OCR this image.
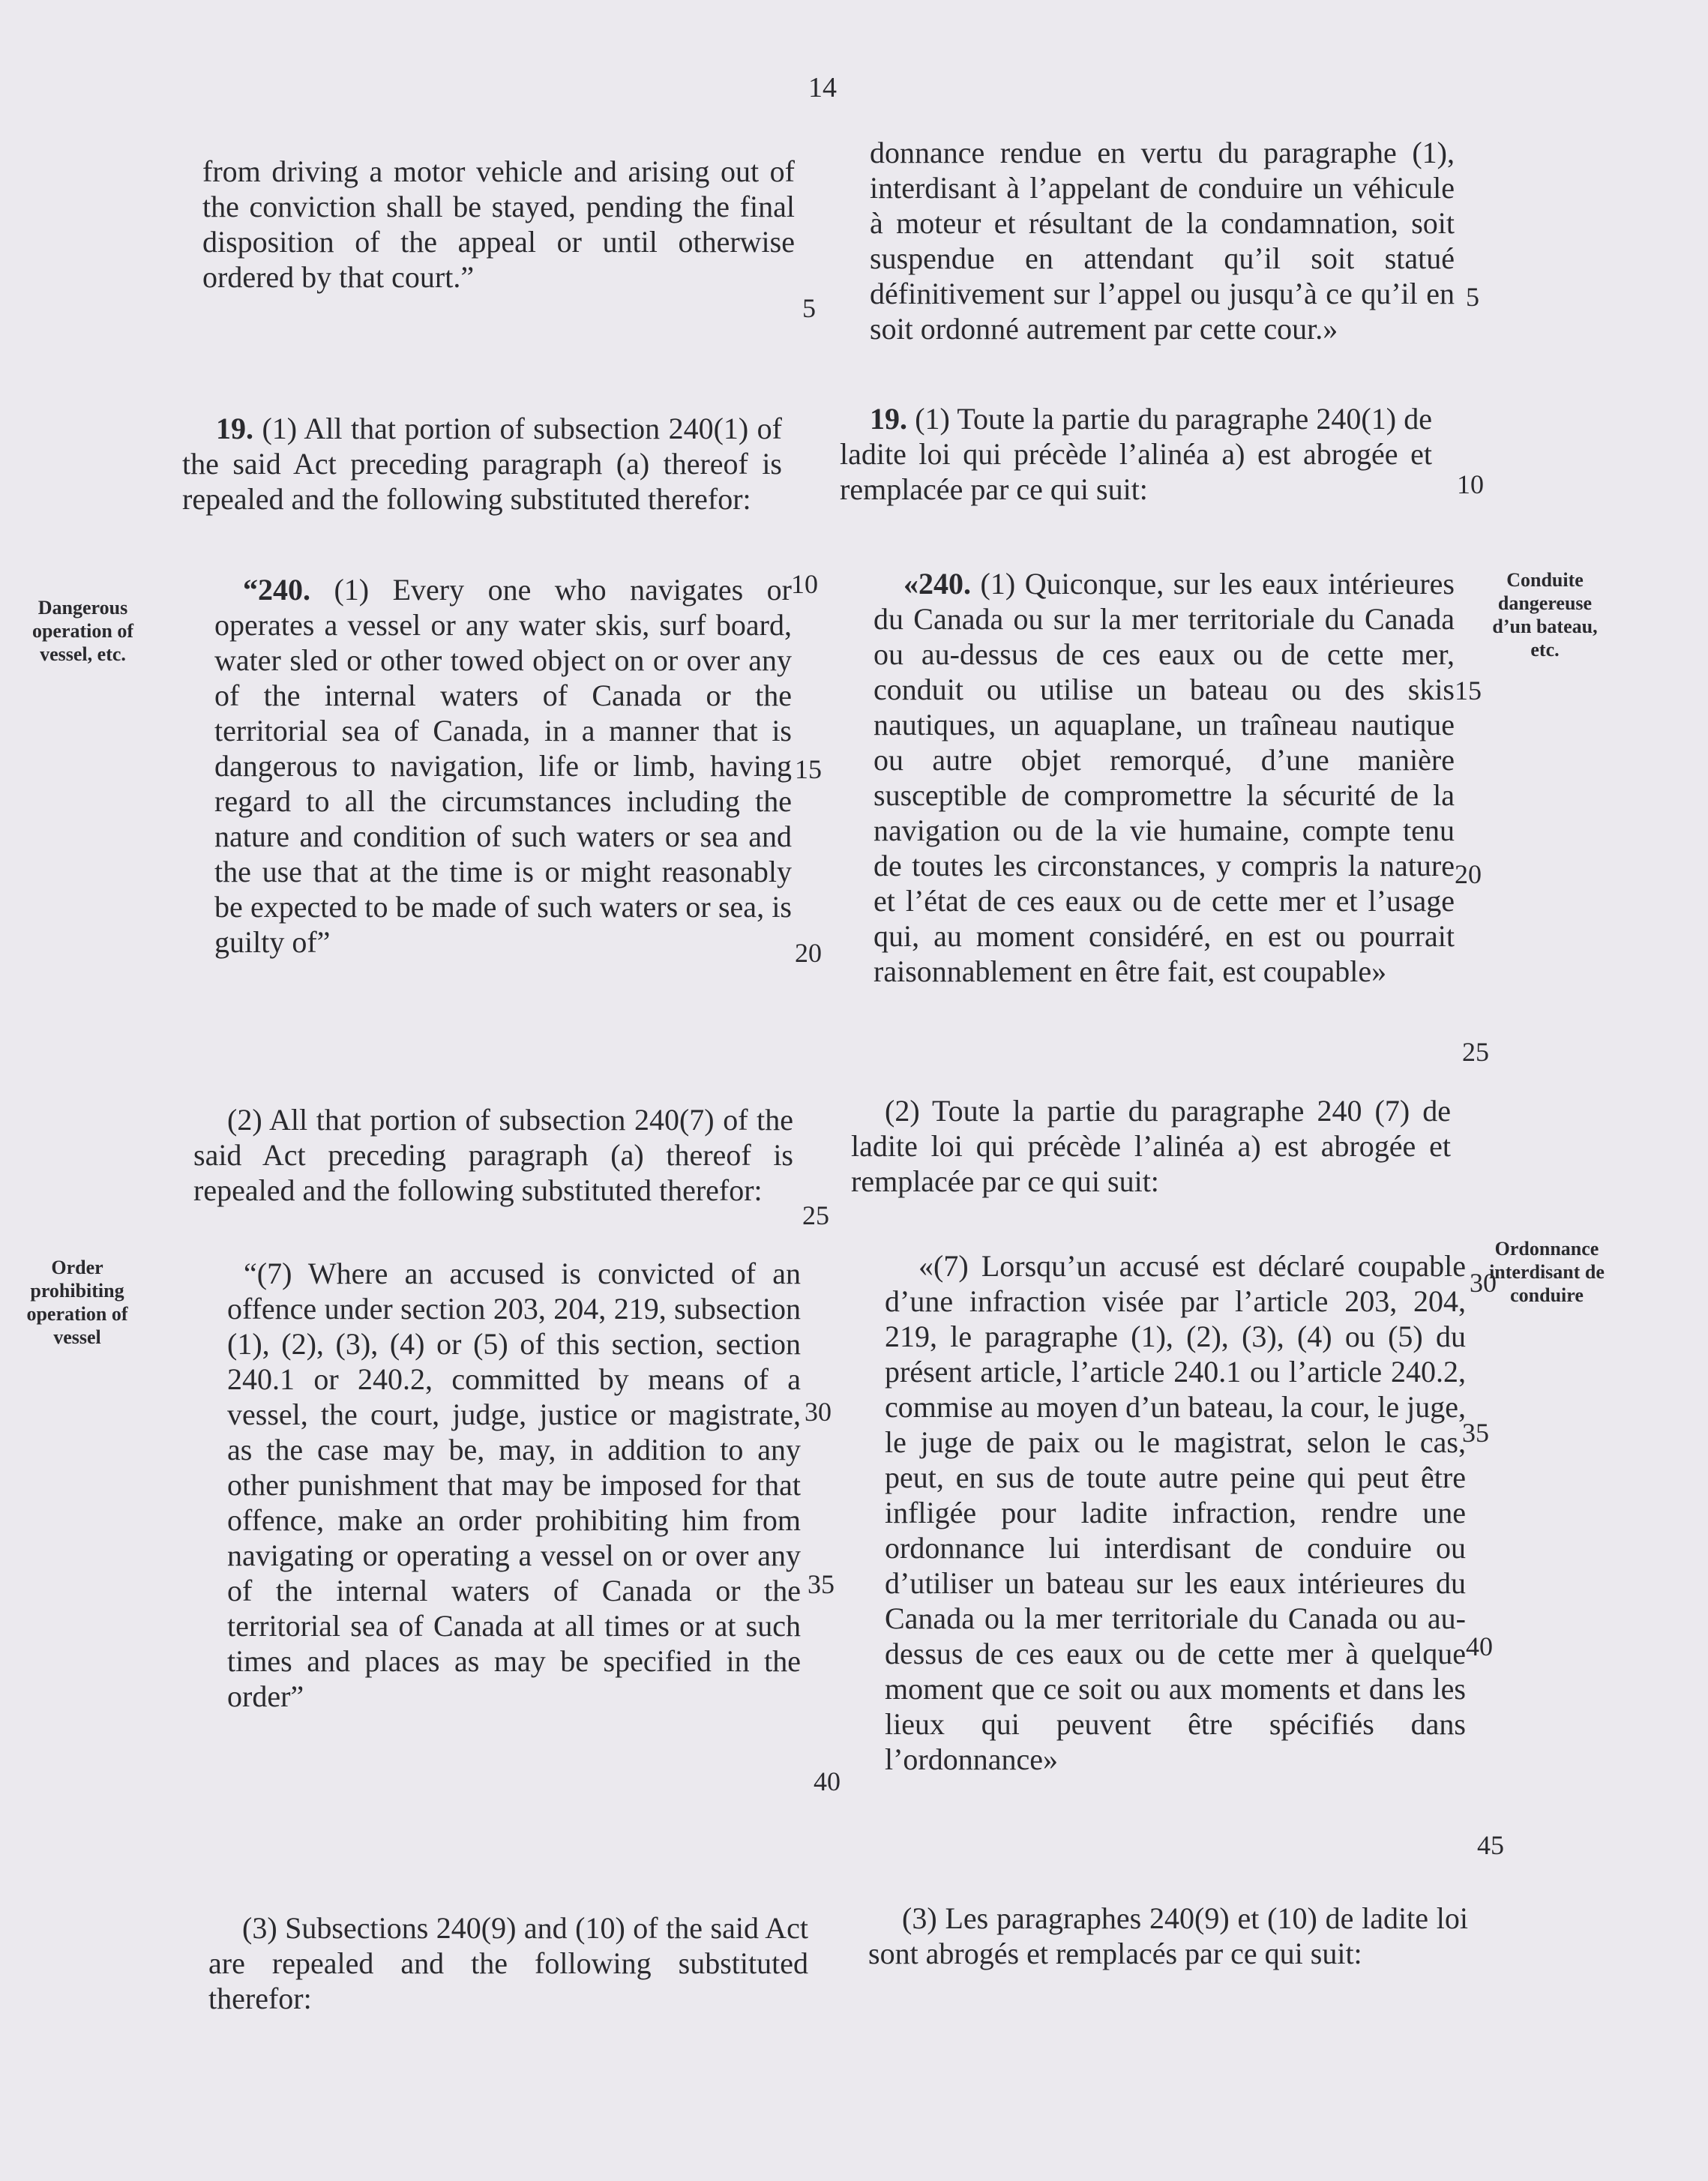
14

from driving a motor vehicle and arising out of the conviction shall be stayed, pending the final disposition of the appeal or until otherwise ordered by that court.”

19. (1) All that portion of subsection 240(1) of the said Act preceding paragraph (a) thereof is repealed and the following substituted therefor:

“240. (1) Every one who navigates or operates a vessel or any water skis, surf board, water sled or other towed object on or over any of the internal waters of Canada or the territorial sea of Canada, in a manner that is dangerous to navigation, life or limb, having regard to all the circumstances including the nature and condition of such waters or sea and the use that at the time is or might reasonably be expected to be made of such waters or sea, is guilty of”

(2) All that portion of subsection 240(7) of the said Act preceding paragraph (a) thereof is repealed and the following substituted therefor:

“(7) Where an accused is convicted of an offence under section 203, 204, 219, subsection (1), (2), (3), (4) or (5) of this section, section 240.1 or 240.2, committed by means of a vessel, the court, judge, justice or magistrate, as the case may be, may, in addition to any other punishment that may be imposed for that offence, make an order prohibiting him from navigating or operating a vessel on or over any of the internal waters of Canada or the territorial sea of Canada at all times or at such times and places as may be specified in the order”

(3) Subsections 240(9) and (10) of the said Act are repealed and the following substituted therefor:

donnance rendue en vertu du paragraphe (1), interdisant à l’appelant de conduire un véhicule à moteur et résultant de la condamnation, soit suspendue en attendant qu’il soit statué définitivement sur l’appel ou jusqu’à ce qu’il en soit ordonné autrement par cette cour.»

19. (1) Toute la partie du paragraphe 240(1) de ladite loi qui précède l’alinéa a) est abrogée et remplacée par ce qui suit:

«240. (1) Quiconque, sur les eaux intérieures du Canada ou sur la mer territoriale du Canada ou au-dessus de ces eaux ou de cette mer, conduit ou utilise un bateau ou des skis nautiques, un aquaplane, un traîneau nautique ou autre objet remorqué, d’une manière susceptible de compromettre la sécurité de la navigation ou de la vie humaine, compte tenu de toutes les circonstances, y compris la nature et l’état de ces eaux ou de cette mer et l’usage qui, au moment considéré, en est ou pourrait raisonnablement en être fait, est coupable»

(2) Toute la partie du paragraphe 240 (7) de ladite loi qui précède l’alinéa a) est abrogée et remplacée par ce qui suit:

«(7) Lorsqu’un accusé est déclaré coupable d’une infraction visée par l’article 203, 204, 219, le paragraphe (1), (2), (3), (4) ou (5) du présent article, l’article 240.1 ou l’article 240.2, commise au moyen d’un bateau, la cour, le juge, le juge de paix ou le magistrat, selon le cas, peut, en sus de toute autre peine qui peut être infligée pour ladite infraction, rendre une ordonnance lui interdisant de conduire ou d’utiliser un bateau sur les eaux intérieures du Canada ou la mer territoriale du Canada ou au-dessus de ces eaux ou de cette mer à quelque moment que ce soit ou aux moments et dans les lieux qui peuvent être spécifiés dans l’ordonnance»

(3) Les paragraphes 240(9) et (10) de ladite loi sont abrogés et remplacés par ce qui suit:

Dangerous operation of vessel, etc.
Order prohibiting operation of vessel
Conduite dangereuse d’un bateau, etc.
Ordonnance interdisant de conduire
5
10
15
20
25
30
35
40
5
10
15
20
25
30
35
40
45
